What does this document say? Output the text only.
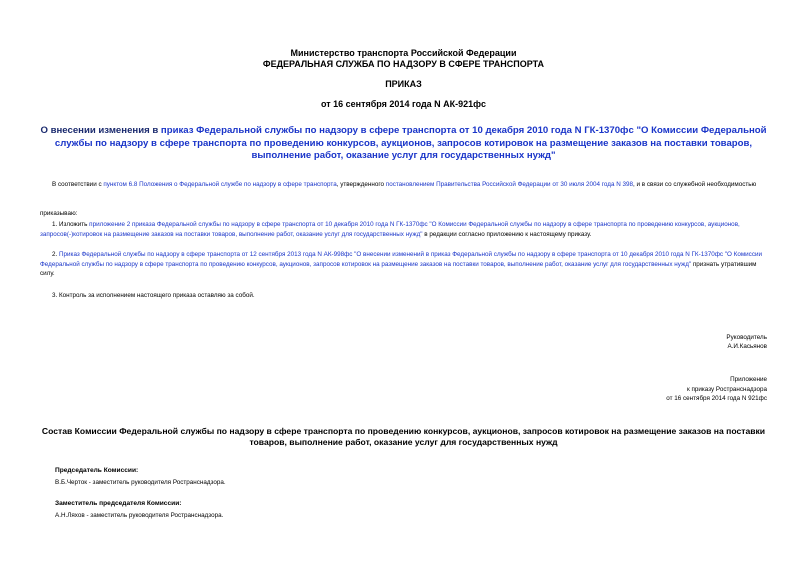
Министерство транспорта Российской Федерации
ФЕДЕРАЛЬНАЯ СЛУЖБА ПО НАДЗОРУ В СФЕРЕ ТРАНСПОРТА
ПРИКАЗ
от 16 сентября 2014 года N АК-921фс
О внесении изменения в приказ Федеральной службы по надзору в сфере транспорта от 10 декабря 2010 года N ГК-1370фс "О Комиссии Федеральной службы по надзору в сфере транспорта по проведению конкурсов, аукционов, запросов котировок на размещение заказов на поставки товаров, выполнение работ, оказание услуг для государственных нужд"
В соответствии с пунктом 6.8 Положения о Федеральной службе по надзору в сфере транспорта, утвержденного постановлением Правительства Российской Федерации от 30 июля 2004 года N 398, и в связи со служебной необходимостью
приказываю:
1. Изложить приложение 2 приказа Федеральной службы по надзору в сфере транспорта от 10 декабря 2010 года N ГК-1370фс "О Комиссии Федеральной службы по надзору в сфере транспорта по проведению конкурсов, аукционов, запросов(-)котировок на размещение заказов на поставки товаров, выполнение работ, оказание услуг для государственных нужд" в редакции согласно приложению к настоящему приказу.
2. Приказ Федеральной службы по надзору в сфере транспорта от 12 сентября 2013 года N АК-998фс "О внесении изменений в приказ Федеральной службы по надзору в сфере транспорта от 10 декабря 2010 года N ГК-1370фс "О Комиссии Федеральной службы по надзору в сфере транспорта по проведению конкурсов, аукционов, запросов котировок на размещение заказов на поставки товаров, выполнение работ, оказание услуг для государственных нужд" признать утратившим силу.
3. Контроль за исполнением настоящего приказа оставляю за собой.
Руководитель
А.И.Касьянов
Приложение
к приказу Ространснадзора
от 16 сентября 2014 года N 921фс
Состав Комиссии Федеральной службы по надзору в сфере транспорта по проведению конкурсов, аукционов, запросов котировок на размещение заказов на поставки товаров, выполнение работ, оказание услуг для государственных нужд
Председатель Комиссии:
В.Б.Черток - заместитель руководителя Ространснадзора.
Заместитель председателя Комиссии:
А.Н.Ляхов - заместитель руководителя Ространснадзора.
